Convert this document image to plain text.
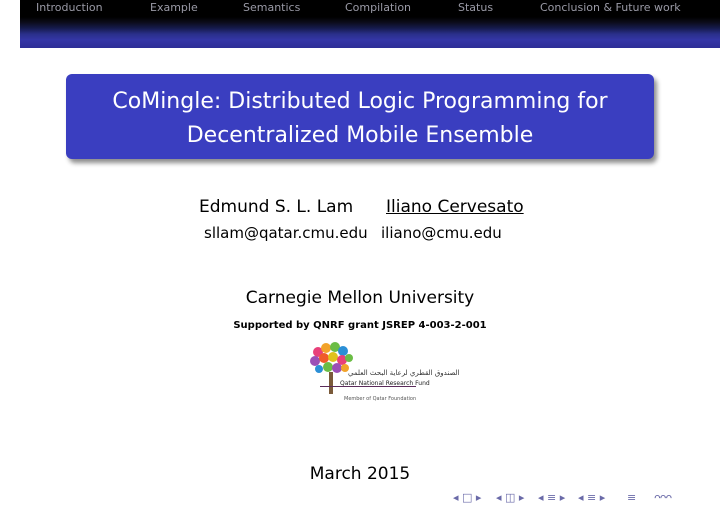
Introduction	Example	Semantics	Compilation	Status	Conclusion & Future work
CoMingle: Distributed Logic Programming for
Decentralized Mobile Ensemble
Edmund S. L. Lam Iliano Cervesato
sllam@qatar.cmu.edu iliano@cmu.edu
Carnegie Mellon University
Supported by QNRF grant JSREP 4-003-2-001
الصندوق القطري لرعاية البحث العلمي
Qatar National Research Fund
Member of Qatar Foundation
March 2015
◂ □ ▸ ◂ ◫ ▸ ◂ ≡ ▸ ◂ ≡ ▸ ≡ ᴖᴖᴖ
